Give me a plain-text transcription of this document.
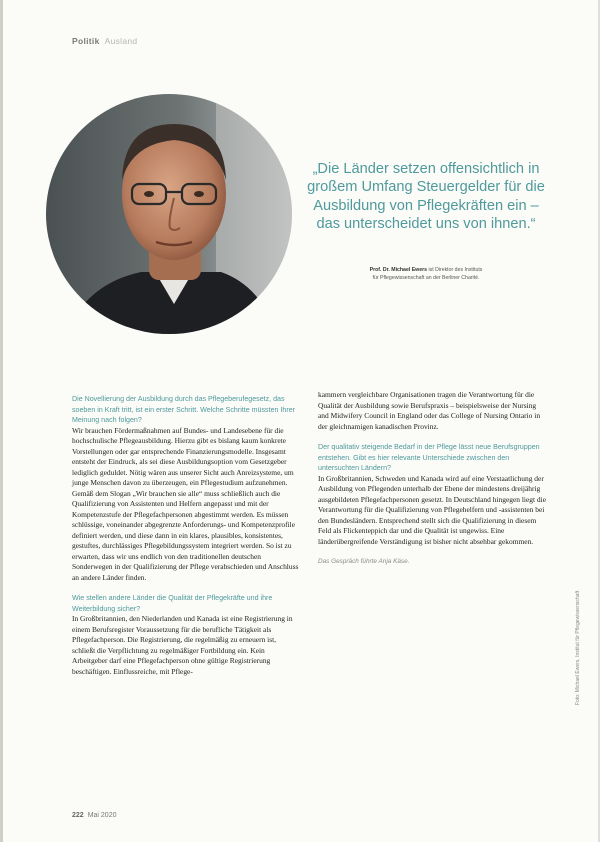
Politik Ausland

„Die Länder setzen offensichtlich in großem Umfang Steuergelder für die Ausbildung von Pflegekräften ein – das unterscheidet uns von ihnen.“

Prof. Dr. Michael Ewers ist Direktor des Instituts
für Pflegewissenschaft an der Berliner Charité.

Die Novellierung der Ausbildung durch das Pflegeberufegesetz, das soeben in Kraft tritt, ist ein erster Schritt. Welche Schritte müssten Ihrer Meinung nach folgen?

Wir brauchen Fördermaßnahmen auf Bundes- und Landesebene für die hochschulische Pflegeausbildung. Hierzu gibt es bislang kaum konkrete Vorstellungen oder gar entsprechende Finanzierungsmodelle. Insgesamt entsteht der Eindruck, als sei diese Ausbildungsoption vom Gesetzgeber lediglich geduldet. Nötig wären aus unserer Sicht auch Anreizsysteme, um junge Menschen davon zu überzeugen, ein Pflegestudium aufzunehmen. Gemäß dem Slogan „Wir brauchen sie alle“ muss schließlich auch die Qualifizierung von Assistenten und Helfern angepasst und mit der Kompetenzstufe der Pflegefachpersonen abgestimmt werden. Es müssen schlüssige, voneinander abgegrenzte Anforderungs- und Kompetenzprofile definiert werden, und diese dann in ein klares, plausibles, konsistentes, gestuftes, durchlässiges Pflegebildungssystem integriert werden. So ist zu erwarten, dass wir uns endlich von den traditionellen deutschen Sonderwegen in der Qualifizierung der Pflege verabschieden und Anschluss an andere Länder finden.

Wie stellen andere Länder die Qualität der Pflegekräfte und ihre Weiterbildung sicher?

In Großbritannien, den Niederlanden und Kanada ist eine Registrierung in einem Berufsregister Voraussetzung für die berufliche Tätigkeit als Pflegefachperson. Die Registrierung, die regelmäßig zu erneuern ist, schließt die Verpflichtung zu regelmäßiger Fortbildung ein. Kein Arbeitgeber darf eine Pflegefachperson ohne gültige Registrierung beschäftigen. Einflussreiche, mit Pflege-

kammern vergleichbare Organisationen tragen die Verantwortung für die Qualität der Ausbildung sowie Berufspraxis – beispielsweise der Nursing and Midwifery Council in England oder das College of Nursing Ontario in der gleichnamigen kanadischen Provinz.

Der qualitativ steigende Bedarf in der Pflege lässt neue Berufsgruppen entstehen. Gibt es hier relevante Unterschiede zwischen den untersuchten Ländern?

In Großbritannien, Schweden und Kanada wird auf eine Verstaatlichung der Ausbildung von Pflegenden unterhalb der Ebene der mindestens dreijährig ausgebildeten Pflegefachpersonen gesetzt. In Deutschland hingegen liegt die Verantwortung für die Qualifizierung von Pflegehelfern und -assistenten bei den Bundesländern. Entsprechend stellt sich die Qualifizierung in diesem Feld als Flickenteppich dar und die Qualität ist ungewiss. Eine länderübergreifende Verständigung ist bisher nicht absehbar gekommen.

Das Gespräch führte Anja Käse.

222 Mai 2020
Foto: Michael Ewers, Institut für Pflegewissenschaft
